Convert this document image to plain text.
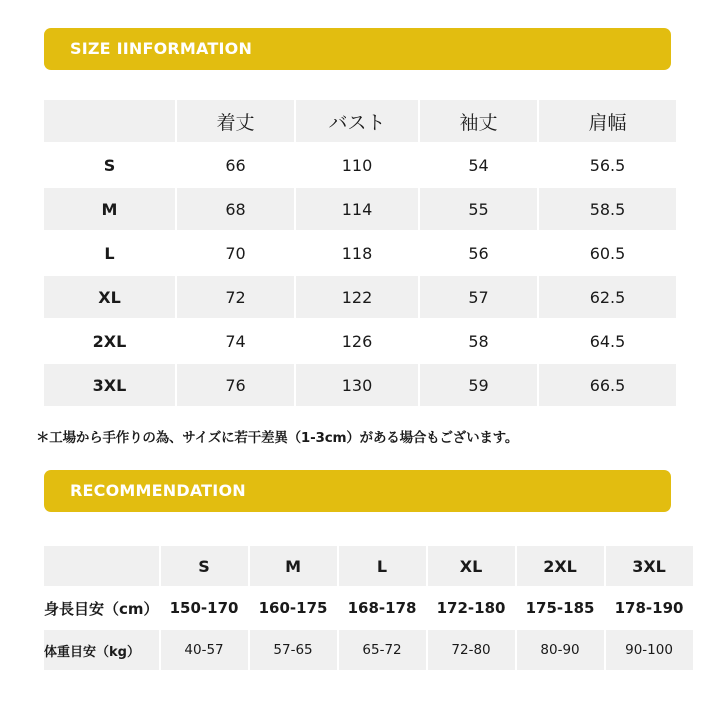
SIZE IINFORMATION
	着丈	バスト	袖丈	肩幅
S	66	110	54	56.5
M	68	114	55	58.5
L	70	118	56	60.5
XL	72	122	57	62.5
2XL	74	126	58	64.5
3XL	76	130	59	66.5
＊工場から手作りの為、サイズに若干差異（1-3cm）がある場合もございます。
RECOMMENDATION
	S	M	L	XL	2XL	3XL
身長目安（cm）	150-170	160-175	168-178	172-180	175-185	178-190
体重目安（kg）	40-57	57-65	65-72	72-80	80-90	90-100
